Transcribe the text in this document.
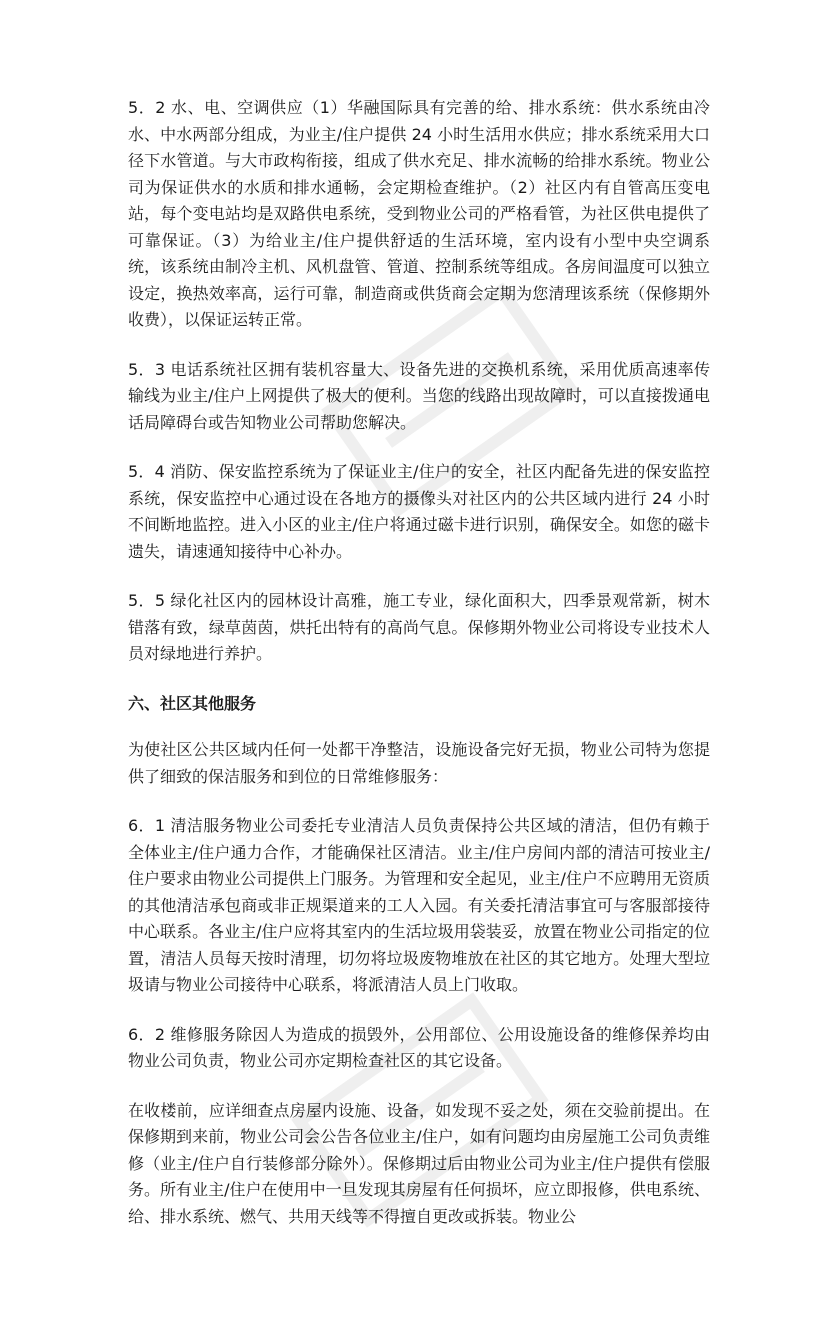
5．2 水、电、空调供应（1）华融国际具有完善的给、排水系统：供水系统由冷水、中水两部分组成，为业主/住户提供 24 小时生活用水供应；排水系统采用大口径下水管道。与大市政构衔接，组成了供水充足、排水流畅的给排水系统。物业公司为保证供水的水质和排水通畅，会定期检查维护。（2）社区内有自管高压变电站，每个变电站均是双路供电系统，受到物业公司的严格看管，为社区供电提供了可靠保证。（3）为给业主/住户提供舒适的生活环境，室内设有小型中央空调系统，该系统由制冷主机、风机盘管、管道、控制系统等组成。各房间温度可以独立设定，换热效率高，运行可靠，制造商或供货商会定期为您清理该系统（保修期外收费），以保证运转正常。

5．3 电话系统社区拥有装机容量大、设备先进的交换机系统，采用优质高速率传输线为业主/住户上网提供了极大的便利。当您的线路出现故障时，可以直接拨通电话局障碍台或告知物业公司帮助您解决。

5．4 消防、保安监控系统为了保证业主/住户的安全，社区内配备先进的保安监控系统，保安监控中心通过设在各地方的摄像头对社区内的公共区域内进行 24 小时不间断地监控。进入小区的业主/住户将通过磁卡进行识别，确保安全。如您的磁卡遗失，请速通知接待中心补办。

5．5 绿化社区内的园林设计高雅，施工专业，绿化面积大，四季景观常新，树木错落有致，绿草茵茵，烘托出特有的高尚气息。保修期外物业公司将设专业技术人员对绿地进行养护。

六、社区其他服务

为使社区公共区域内任何一处都干净整洁，设施设备完好无损，物业公司特为您提供了细致的保洁服务和到位的日常维修服务：

6．1 清洁服务物业公司委托专业清洁人员负责保持公共区域的清洁，但仍有赖于全体业主/住户通力合作，才能确保社区清洁。业主/住户房间内部的清洁可按业主/住户要求由物业公司提供上门服务。为管理和安全起见，业主/住户不应聘用无资质的其他清洁承包商或非正规渠道来的工人入园。有关委托清洁事宜可与客服部接待中心联系。各业主/住户应将其室内的生活垃圾用袋装妥，放置在物业公司指定的位置，清洁人员每天按时清理，切勿将垃圾废物堆放在社区的其它地方。处理大型垃圾请与物业公司接待中心联系，将派清洁人员上门收取。

6．2 维修服务除因人为造成的损毁外，公用部位、公用设施设备的维修保养均由物业公司负责，物业公司亦定期检查社区的其它设备。

在收楼前，应详细查点房屋内设施、设备，如发现不妥之处，须在交验前提出。在保修期到来前，物业公司会公告各位业主/住户，如有问题均由房屋施工公司负责维修（业主/住户自行装修部分除外）。保修期过后由物业公司为业主/住户提供有偿服务。所有业主/住户在使用中一旦发现其房屋有任何损坏，应立即报修，供电系统、给、排水系统、燃气、共用天线等不得擅自更改或拆装。物业公
